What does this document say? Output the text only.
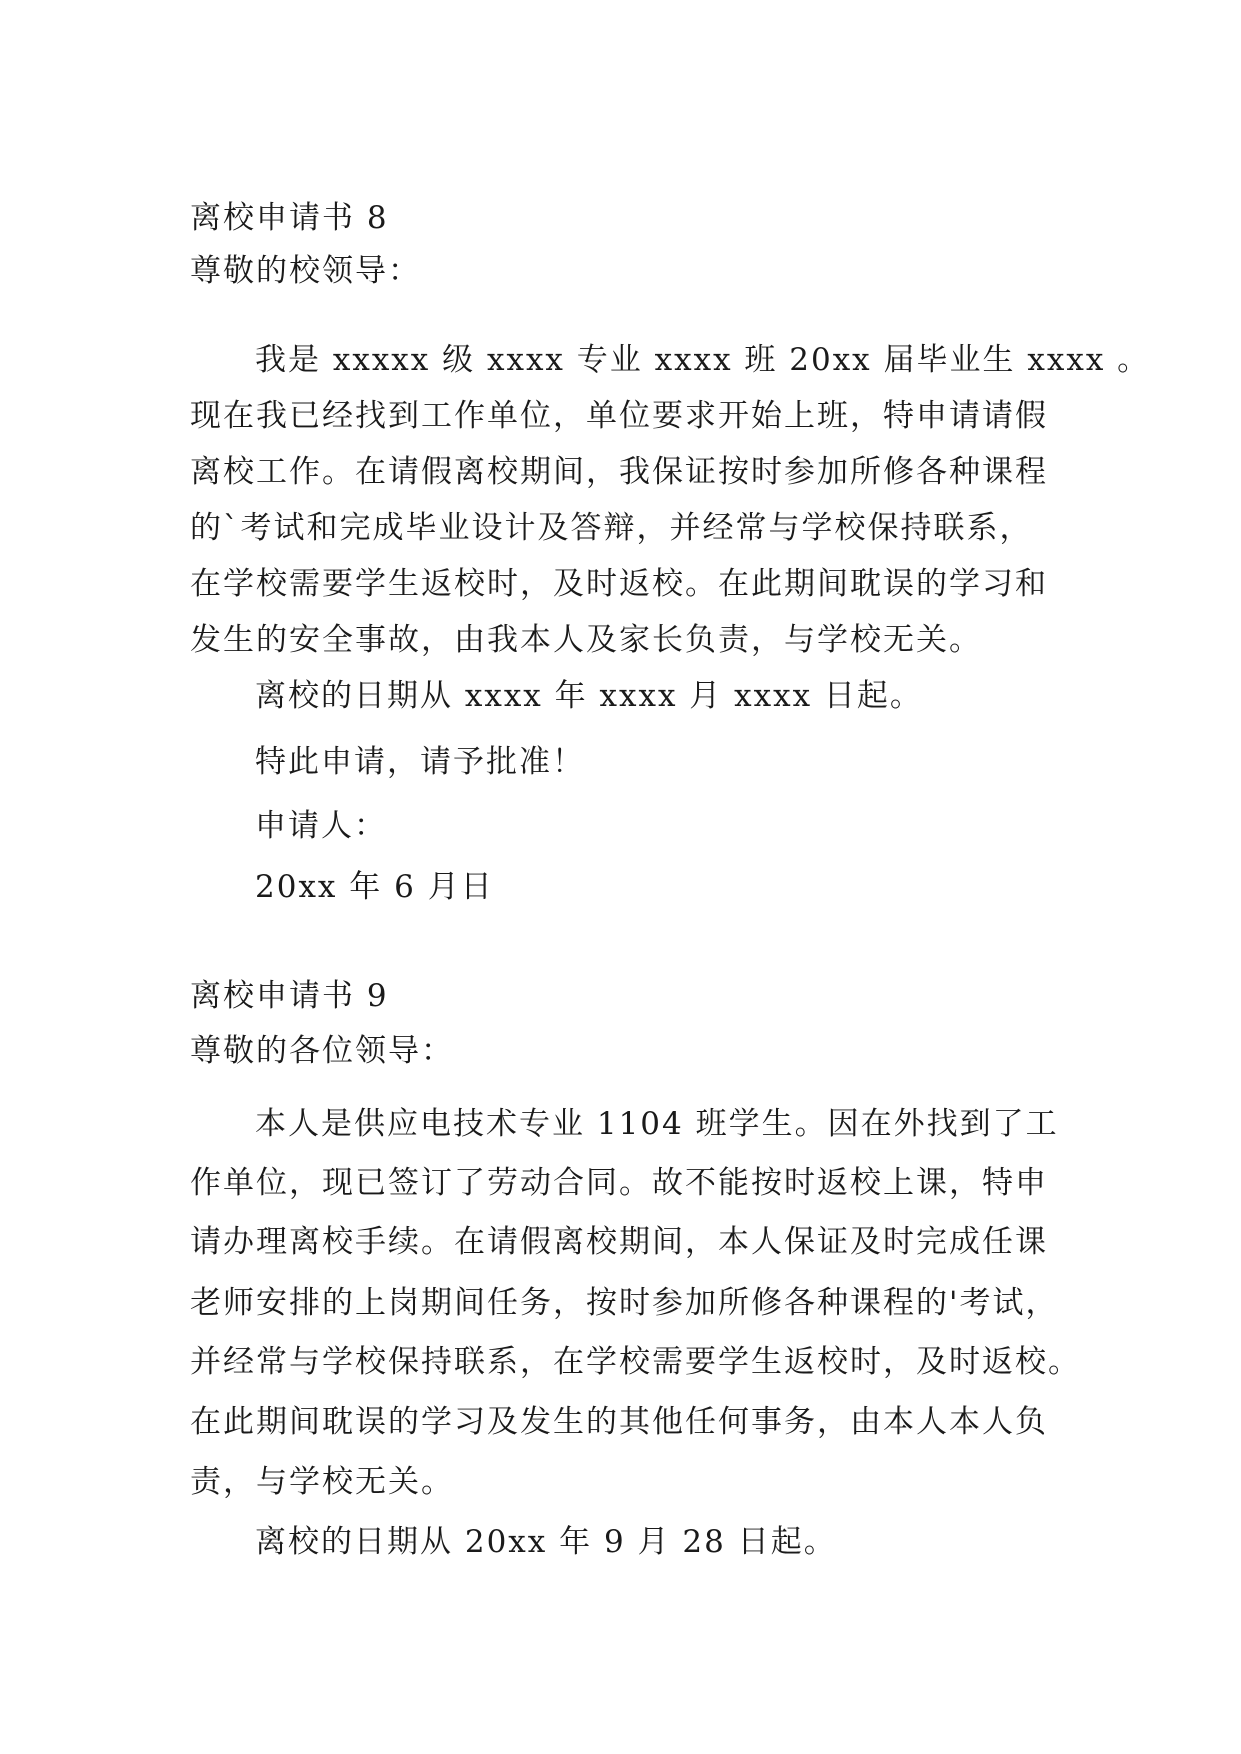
离校申请书 8
尊敬的校领导：
我是 xxxxx 级 xxxx 专业 xxxx 班 20xx 届毕业生 xxxx 。
现在我已经找到工作单位，单位要求开始上班，特申请请假
离校工作。在请假离校期间，我保证按时参加所修各种课程
的`考试和完成毕业设计及答辩，并经常与学校保持联系，
在学校需要学生返校时，及时返校。在此期间耽误的学习和
发生的安全事故，由我本人及家长负责，与学校无关。
离校的日期从 xxxx 年 xxxx 月 xxxx 日起。
特此申请，请予批准！
申请人：
20xx 年 6 月日
离校申请书 9
尊敬的各位领导：
本人是供应电技术专业 1104 班学生。因在外找到了工
作单位，现已签订了劳动合同。故不能按时返校上课，特申
请办理离校手续。在请假离校期间，本人保证及时完成任课
老师安排的上岗期间任务，按时参加所修各种课程的'考试，
并经常与学校保持联系，在学校需要学生返校时，及时返校。
在此期间耽误的学习及发生的其他任何事务，由本人本人负
责，与学校无关。
离校的日期从 20xx 年 9 月 28 日起。
